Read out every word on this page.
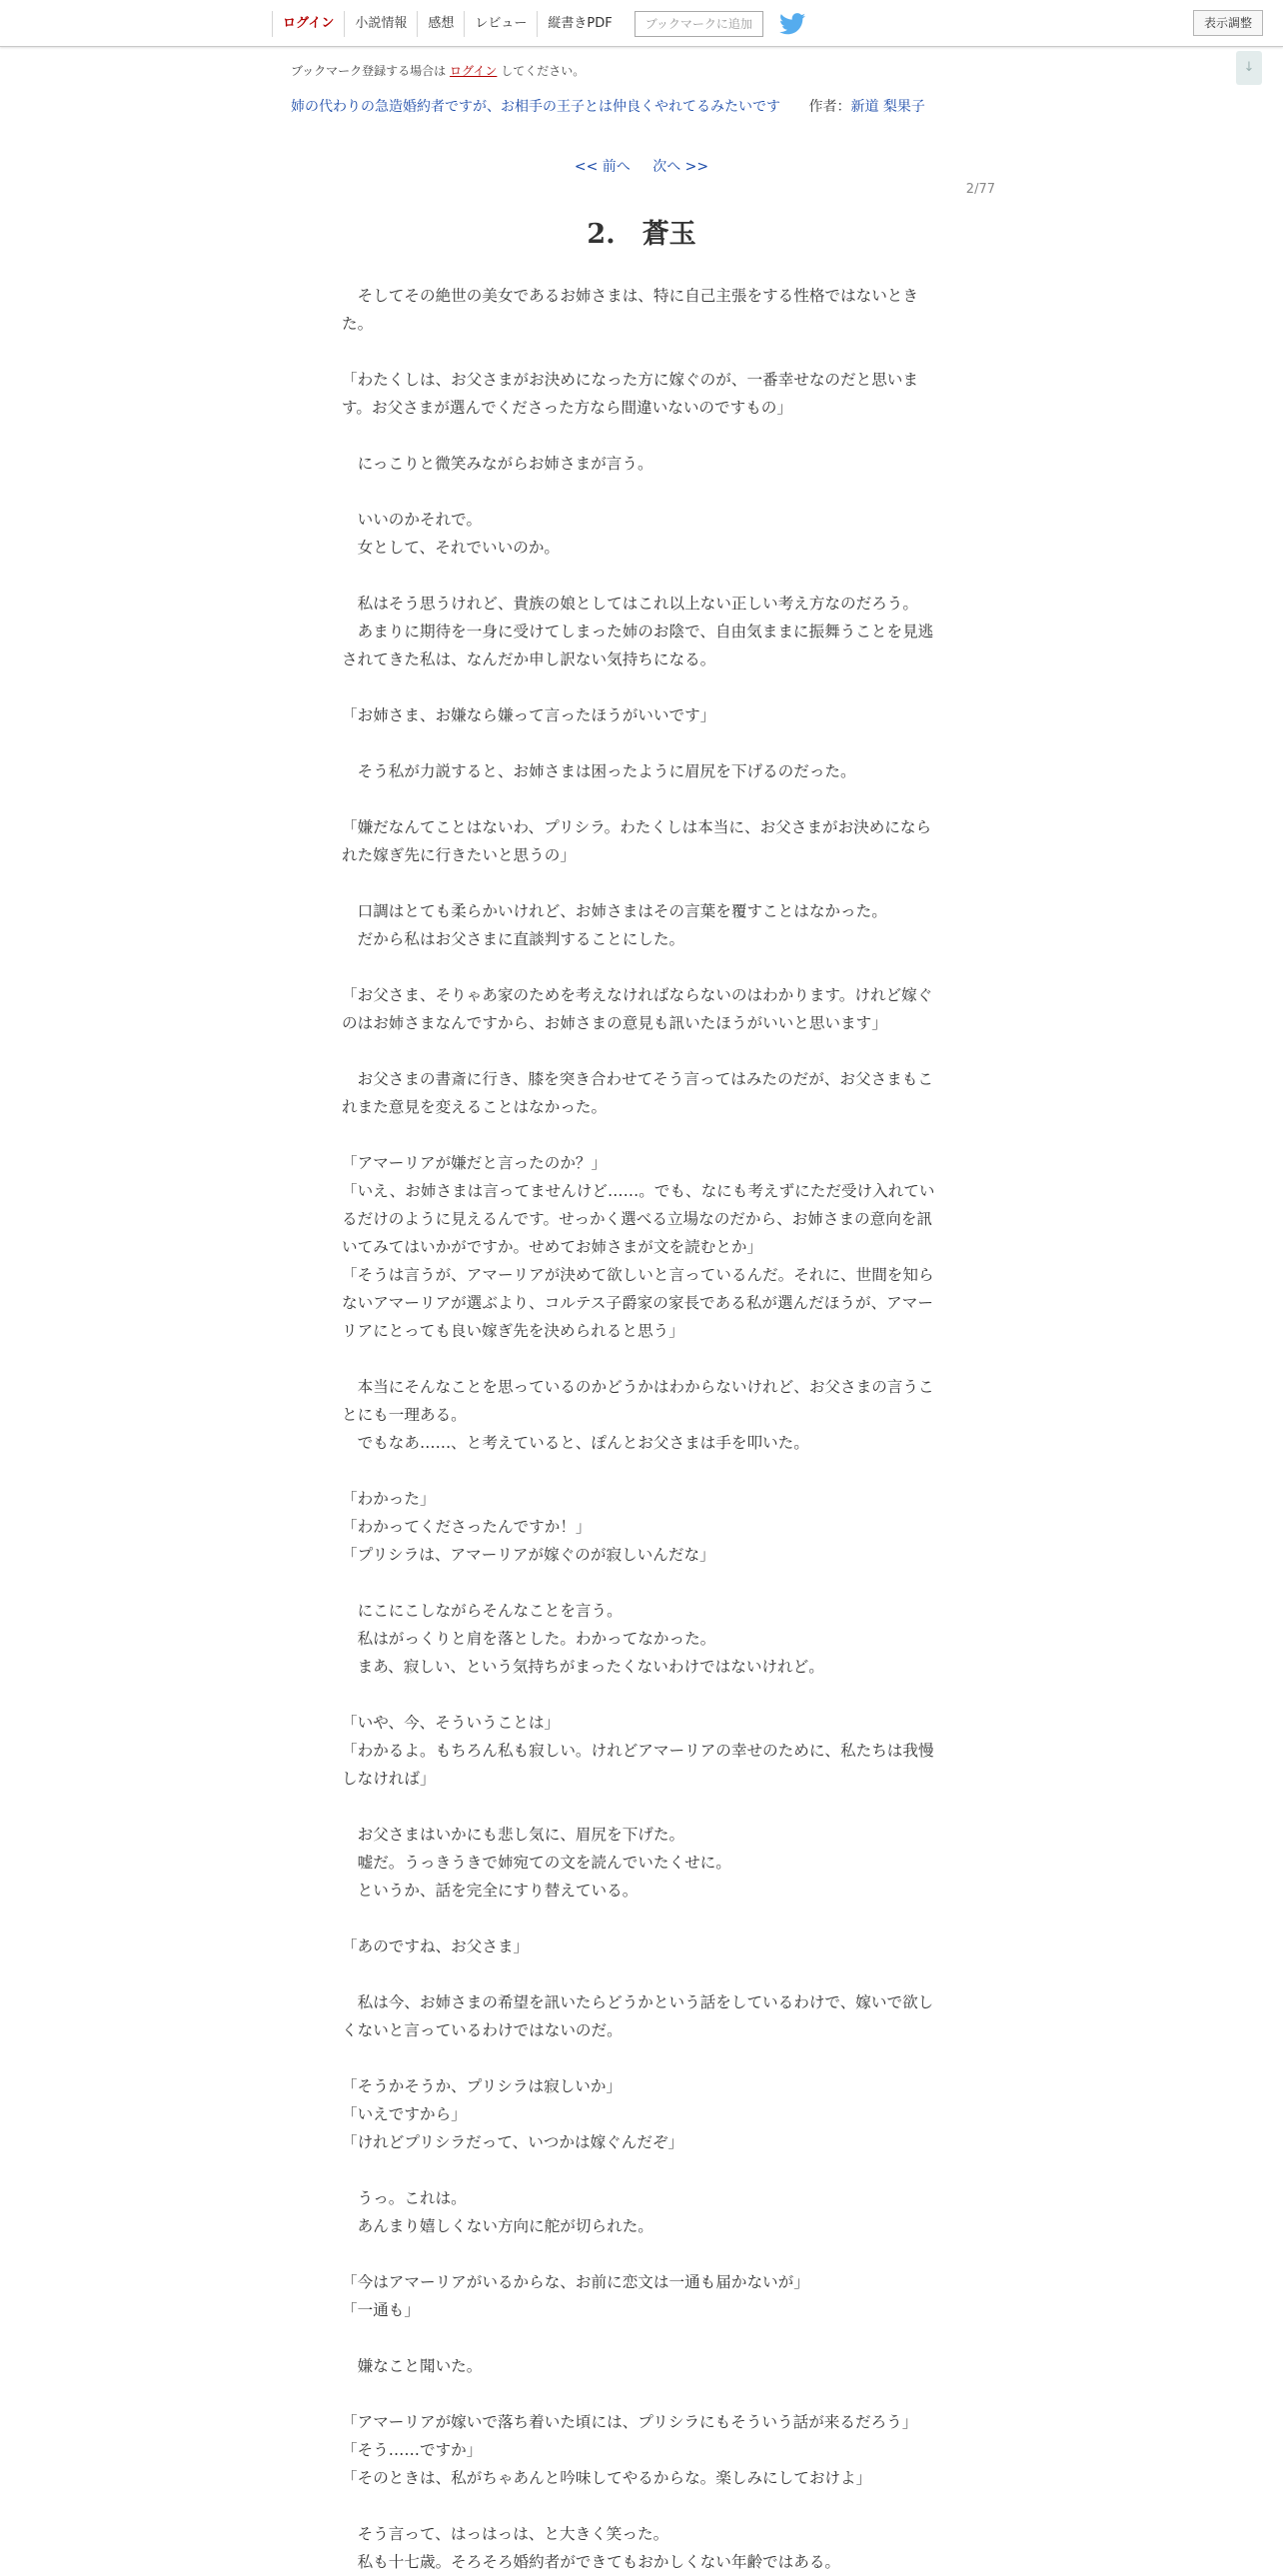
ログイン	小説情報	感想	レビュー	縦書きPDF	ブックマークに追加	表示調整
↓
ブックマーク登録する場合は ログイン してください。
姉の代わりの急造婚約者ですが、お相手の王子とは仲良くやれてるみたいです 作者：新道 梨果子
<< 前へ 次へ >>
2/77
2.　蒼玉

　そしてその絶世の美女であるお姉さまは、特に自己主張をする性格ではないときた。

「わたくしは、お父さまがお決めになった方に嫁ぐのが、一番幸せなのだと思います。お父さまが選んでくださった方なら間違いないのですもの」

　にっこりと微笑みながらお姉さまが言う。

　いいのかそれで。

　女として、それでいいのか。

　私はそう思うけれど、貴族の娘としてはこれ以上ない正しい考え方なのだろう。

　あまりに期待を一身に受けてしまった姉のお陰で、自由気ままに振舞うことを見逃されてきた私は、なんだか申し訳ない気持ちになる。

「お姉さま、お嫌なら嫌って言ったほうがいいです」

　そう私が力説すると、お姉さまは困ったように眉尻を下げるのだった。

「嫌だなんてことはないわ、プリシラ。わたくしは本当に、お父さまがお決めになられた嫁ぎ先に行きたいと思うの」

　口調はとても柔らかいけれど、お姉さまはその言葉を覆すことはなかった。

　だから私はお父さまに直談判することにした。

「お父さま、そりゃあ家のためを考えなければならないのはわかります。けれど嫁ぐのはお姉さまなんですから、お姉さまの意見も訊いたほうがいいと思います」

　お父さまの書斎に行き、膝を突き合わせてそう言ってはみたのだが、お父さまもこれまた意見を変えることはなかった。

「アマーリアが嫌だと言ったのか？」

「いえ、お姉さまは言ってませんけど……。でも、なにも考えずにただ受け入れているだけのように見えるんです。せっかく選べる立場なのだから、お姉さまの意向を訊いてみてはいかがですか。せめてお姉さまが文を読むとか」

「そうは言うが、アマーリアが決めて欲しいと言っているんだ。それに、世間を知らないアマーリアが選ぶより、コルテス子爵家の家長である私が選んだほうが、アマーリアにとっても良い嫁ぎ先を決められると思う」

　本当にそんなことを思っているのかどうかはわからないけれど、お父さまの言うことにも一理ある。

　でもなあ……、と考えていると、ぽんとお父さまは手を叩いた。

「わかった」

「わかってくださったんですか！」

「プリシラは、アマーリアが嫁ぐのが寂しいんだな」

　にこにこしながらそんなことを言う。

　私はがっくりと肩を落とした。わかってなかった。

　まあ、寂しい、という気持ちがまったくないわけではないけれど。

「いや、今、そういうことは」

「わかるよ。もちろん私も寂しい。けれどアマーリアの幸せのために、私たちは我慢しなければ」

　お父さまはいかにも悲し気に、眉尻を下げた。

　嘘だ。うっきうきで姉宛ての文を読んでいたくせに。

　というか、話を完全にすり替えている。

「あのですね、お父さま」

　私は今、お姉さまの希望を訊いたらどうかという話をしているわけで、嫁いで欲しくないと言っているわけではないのだ。

「そうかそうか、プリシラは寂しいか」

「いえですから」

「けれどプリシラだって、いつかは嫁ぐんだぞ」

　うっ。これは。

　あんまり嬉しくない方向に舵が切られた。

「今はアマーリアがいるからな、お前に恋文は一通も届かないが」

「一通も」

　嫌なこと聞いた。

「アマーリアが嫁いで落ち着いた頃には、プリシラにもそういう話が来るだろう」

「そう……ですか」

「そのときは、私がちゃあんと吟味してやるからな。楽しみにしておけよ」

　そう言って、はっはっは、と大きく笑った。

　私も十七歳。そろそろ婚約者ができてもおかしくない年齢ではある。
